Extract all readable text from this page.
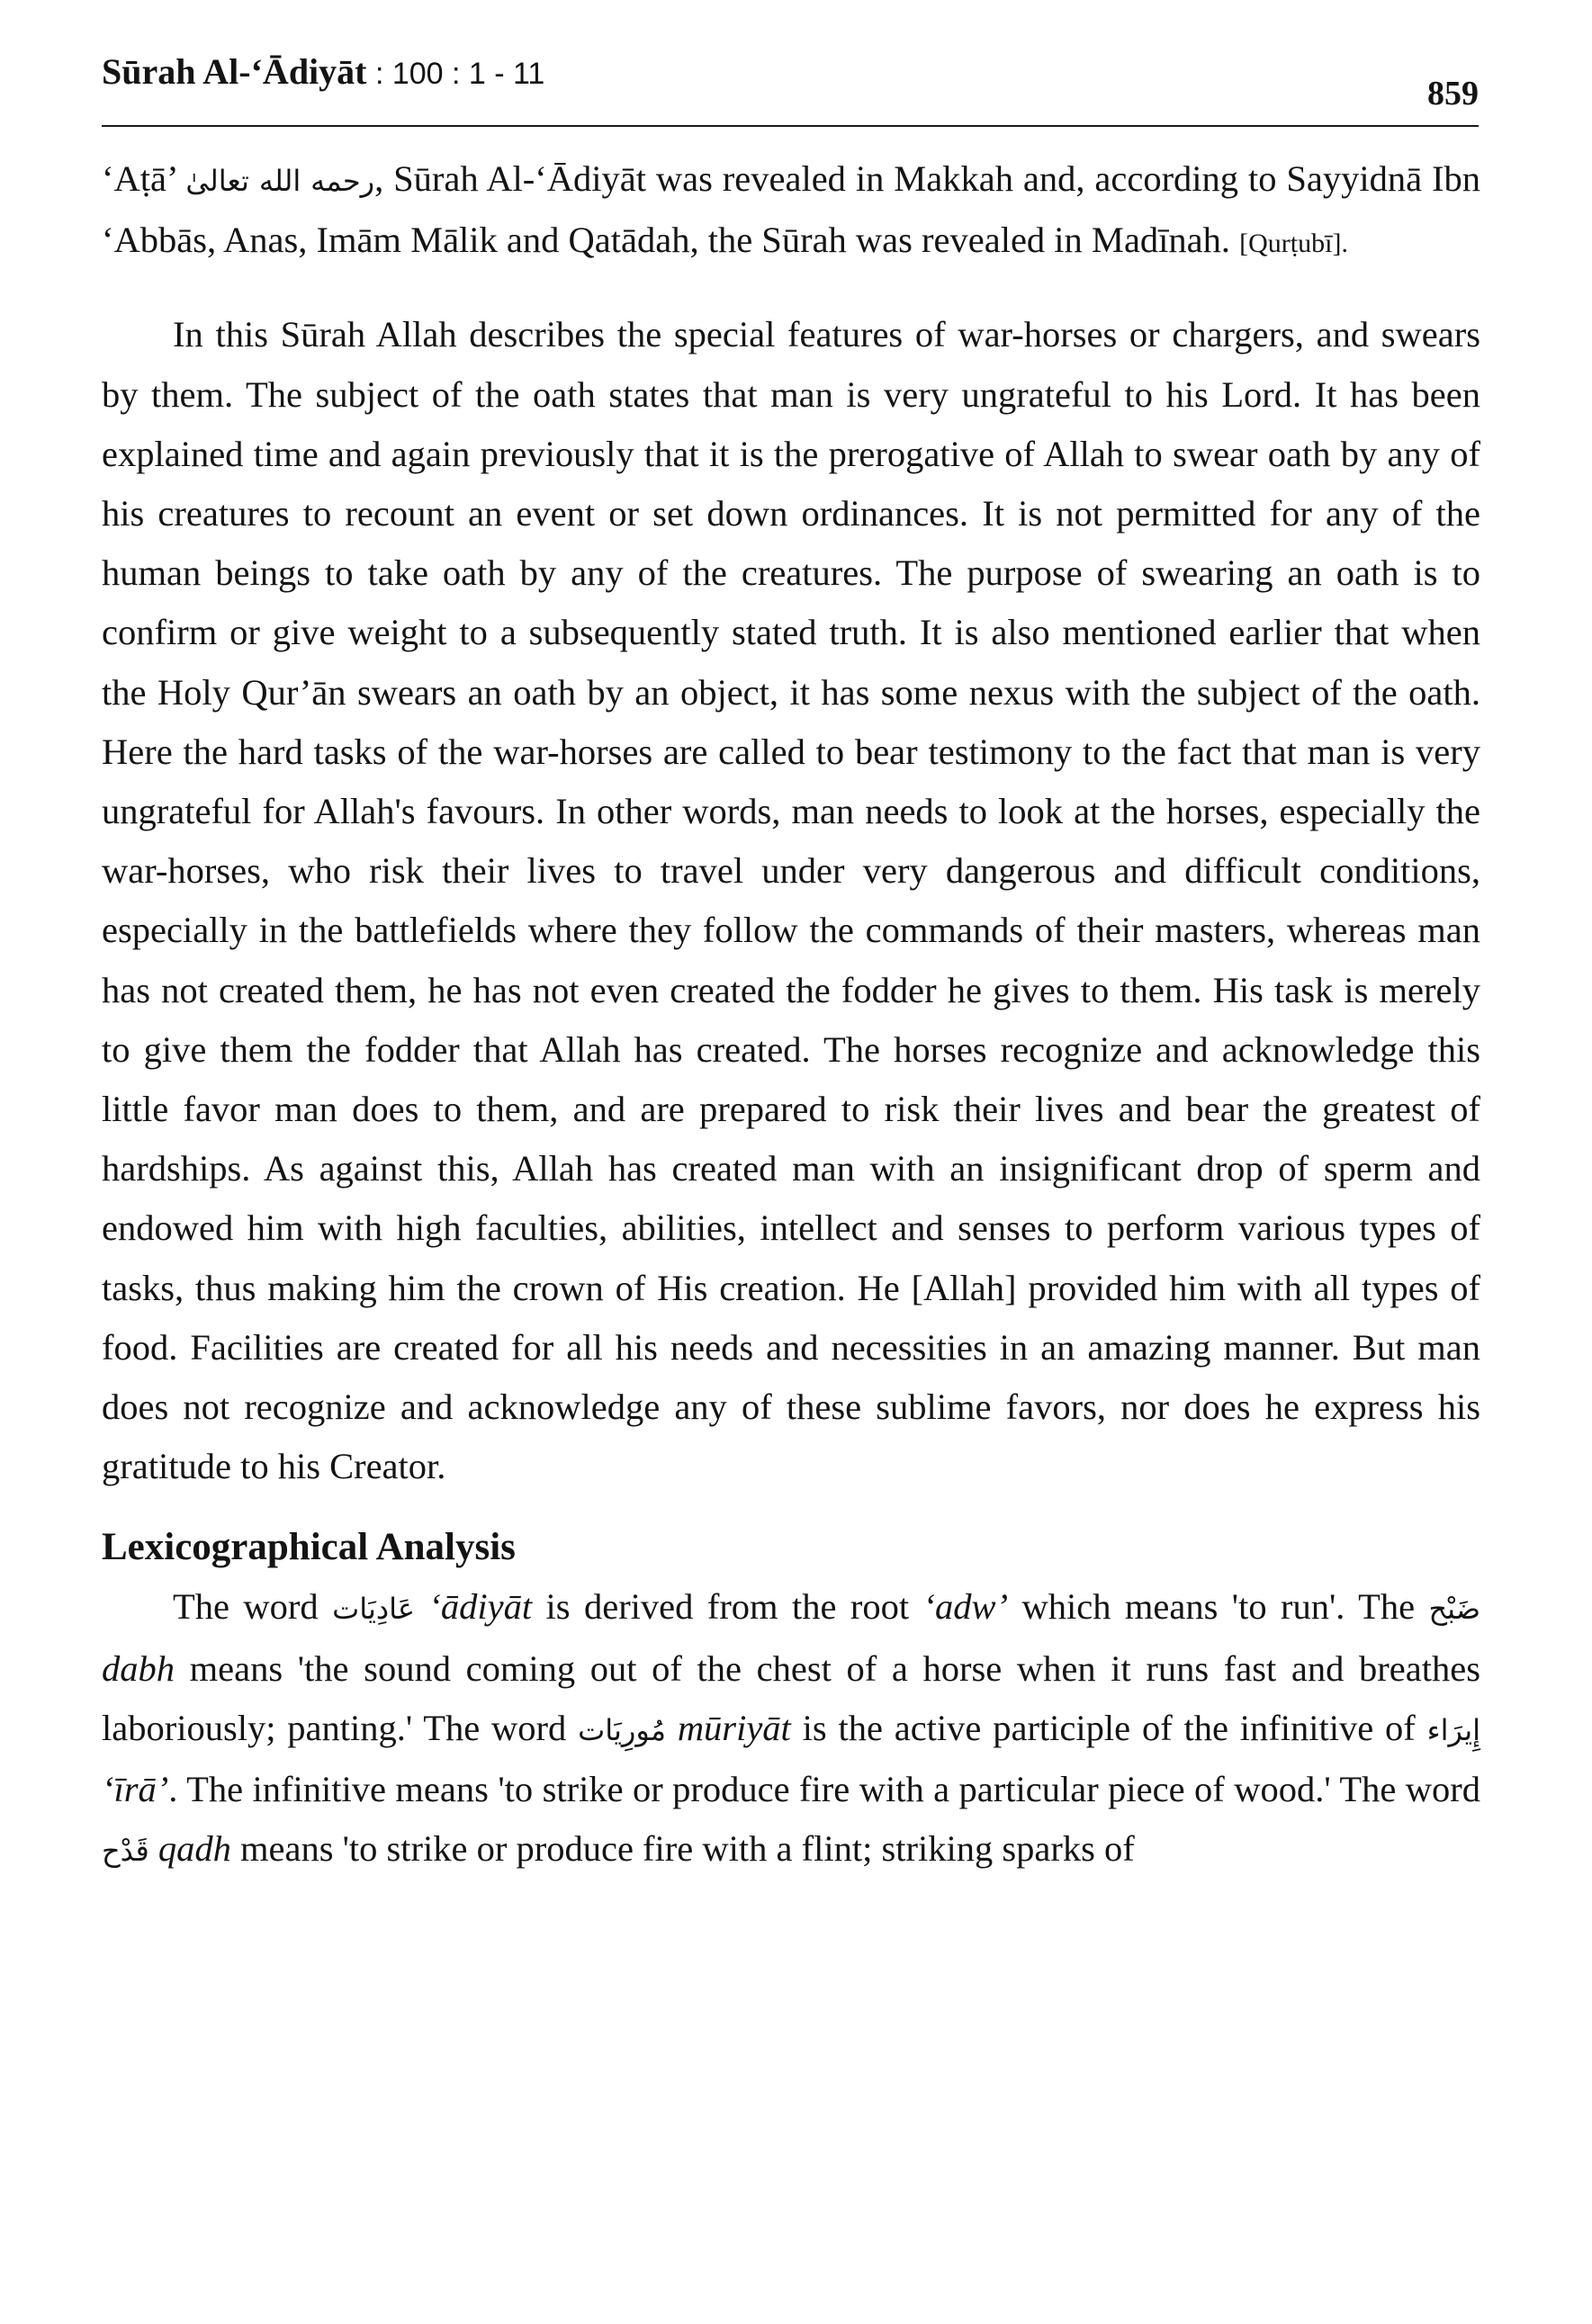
Sūrah Al-‘Ādiyāt : 100 : 1 - 11
859

‘Aṭā’ رحمه الله تعالیٰ, Sūrah Al-‘Ādiyāt was revealed in Makkah and, according to Sayyidnā Ibn ‘Abbās, Anas, Imām Mālik and Qatādah, the Sūrah was revealed in Madīnah. [Qurṭubī].

In this Sūrah Allah describes the special features of war-horses or chargers, and swears by them. The subject of the oath states that man is very ungrateful to his Lord. It has been explained time and again previously that it is the prerogative of Allah to swear oath by any of his creatures to recount an event or set down ordinances. It is not permitted for any of the human beings to take oath by any of the creatures. The purpose of swearing an oath is to confirm or give weight to a subsequently stated truth. It is also mentioned earlier that when the Holy Qur’ān swears an oath by an object, it has some nexus with the subject of the oath. Here the hard tasks of the war-horses are called to bear testimony to the fact that man is very ungrateful for Allah's favours. In other words, man needs to look at the horses, especially the war-horses, who risk their lives to travel under very dangerous and difficult conditions, especially in the battlefields where they follow the commands of their masters, whereas man has not created them, he has not even created the fodder he gives to them. His task is merely to give them the fodder that Allah has created. The horses recognize and acknowledge this little favor man does to them, and are prepared to risk their lives and bear the greatest of hardships. As against this, Allah has created man with an insignificant drop of sperm and endowed him with high faculties, abilities, intellect and senses to perform various types of tasks, thus making him the crown of His creation. He [Allah] provided him with all types of food. Facilities are created for all his needs and necessities in an amazing manner. But man does not recognize and acknowledge any of these sublime favors, nor does he express his gratitude to his Creator.

Lexicographical Analysis

The word عَادِيَات ‘ādiyāt is derived from the root ‘adw’ which means 'to run'. The ضَبْح dabh means 'the sound coming out of the chest of a horse when it runs fast and breathes laboriously; panting.' The word مُورِيَات mūriyāt is the active participle of the infinitive of إِيرَاء ‘īrā’. The infinitive means 'to strike or produce fire with a particular piece of wood.' The word قَدْح qadh means 'to strike or produce fire with a flint; striking sparks of
